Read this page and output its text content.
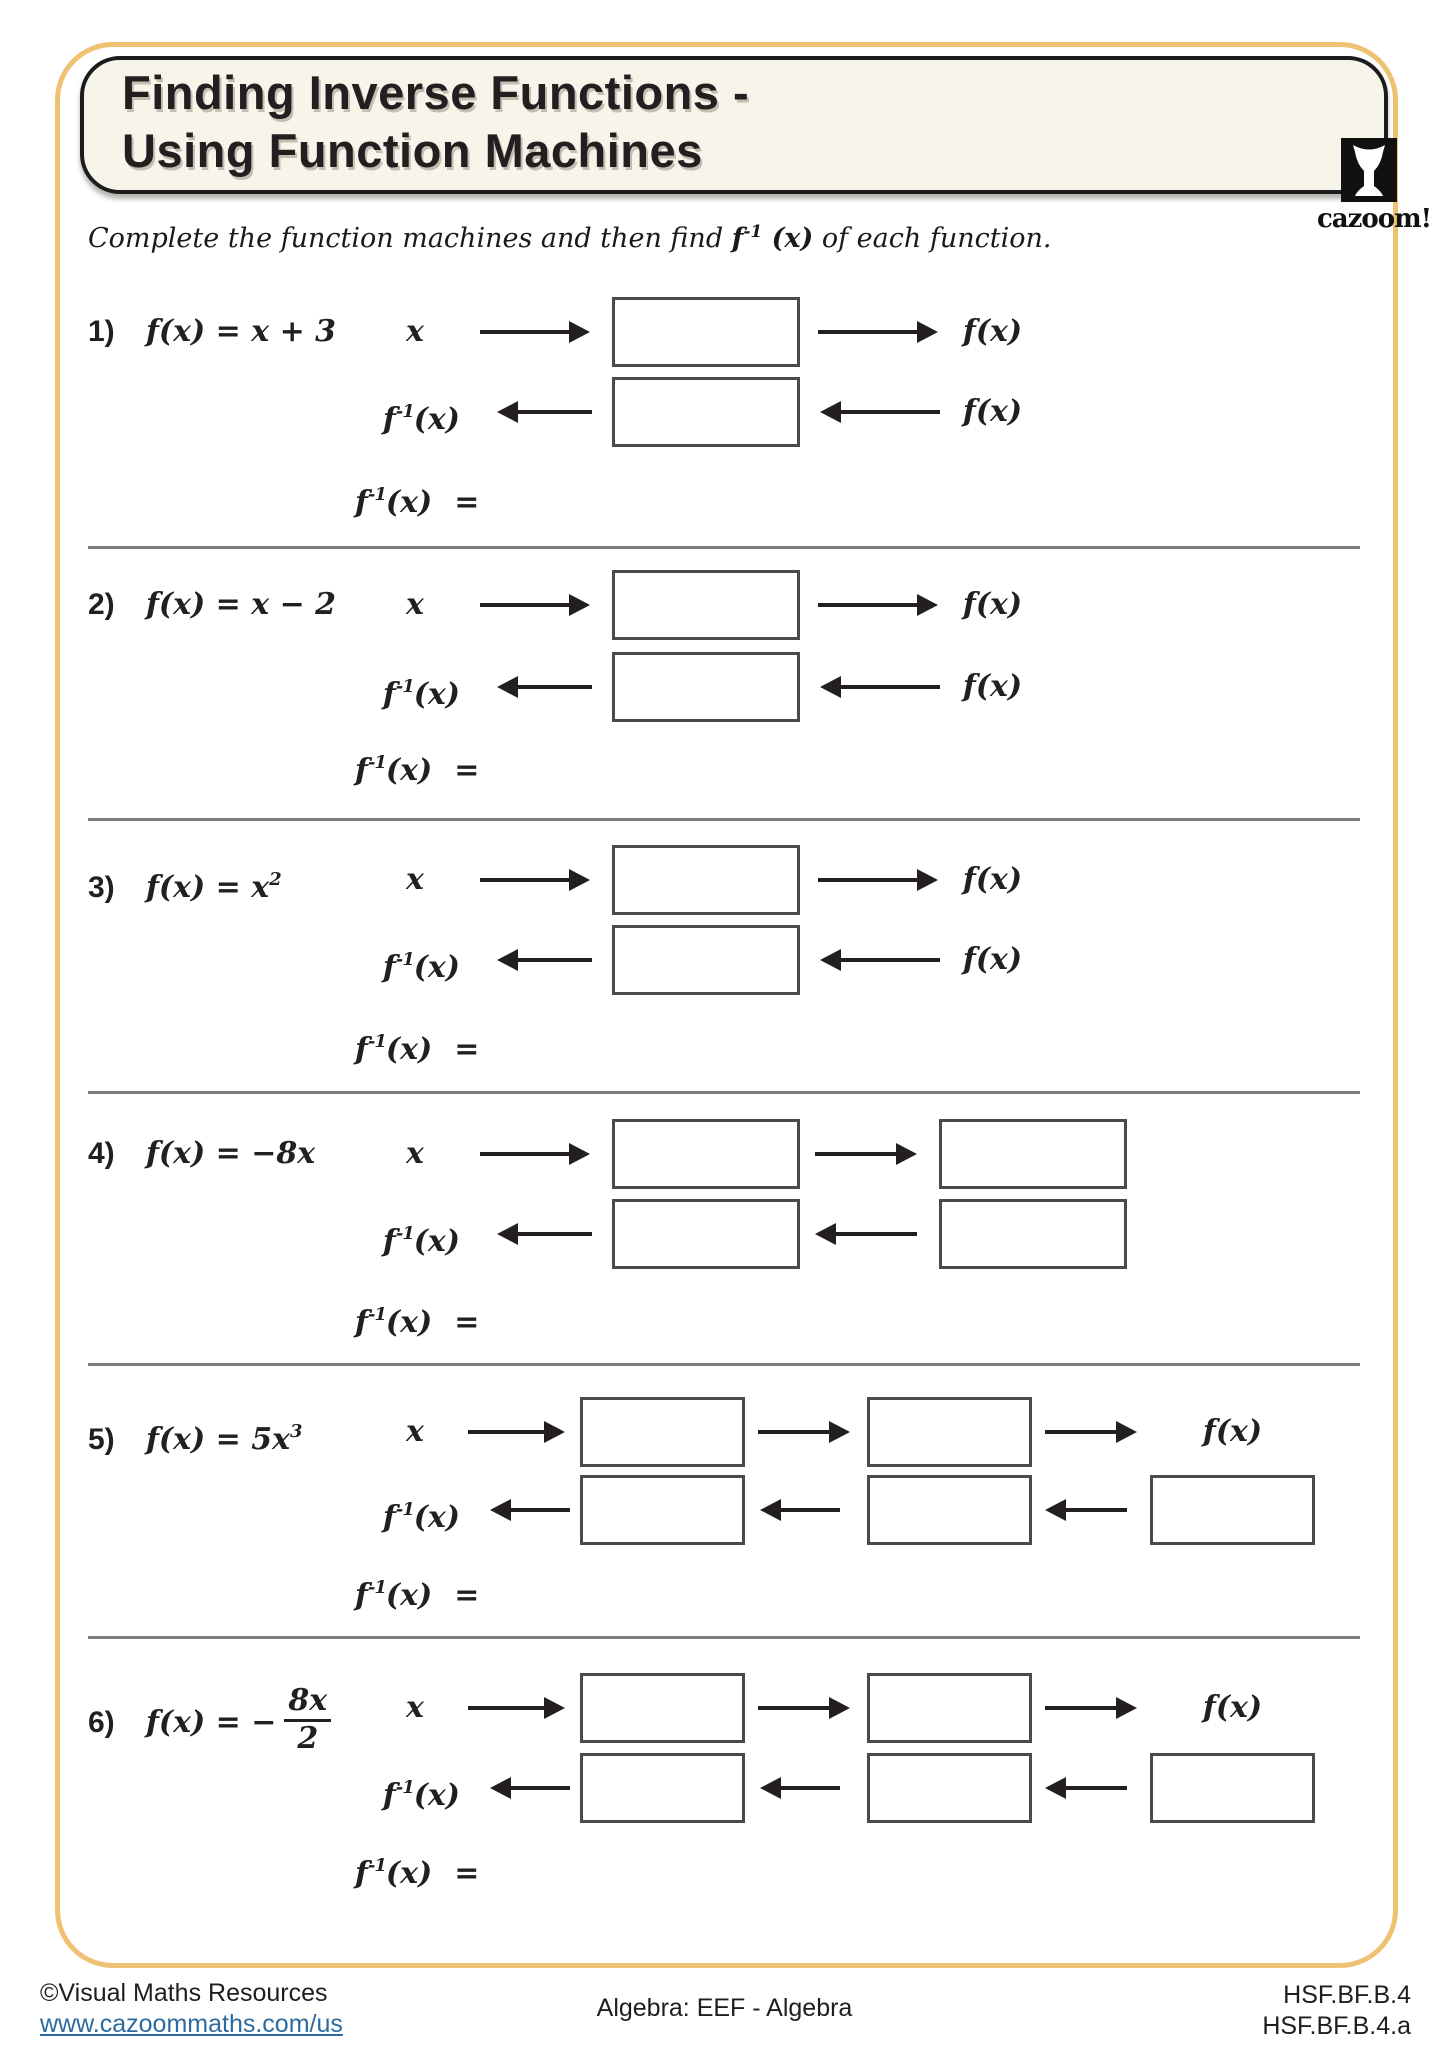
cazoom!
Finding Inverse Functions -
Using Function Machines
Complete the function machines and then find $f^{-1}$ (x) of each function.
1) f(x) = x + 3	x	f(x)
$f^{-1}(x)$	f(x)
$f^{-1}(x)$ =
2) f(x) = x − 2	x	f(x)
$f^{-1}(x)$	f(x)
$f^{-1}(x)$ =
3) $f(x) = x^2$	x	f(x)
$f^{-1}(x)$	f(x)
$f^{-1}(x)$ =
4) f(x) = −8x	x
$f^{-1}(x)$
$f^{-1}(x)$ =
5) $f(x) = 5x^3$	x	f(x)
$f^{-1}(x)$
$f^{-1}(x)$ =
6) f(x) = − $\frac{8x}{2}$	x	f(x)
$f^{-1}(x)$
$f^{-1}(x)$ =
©Visual Maths Resources
www.cazoommaths.com/us
Algebra: EEF - Algebra	HSF.BF.B.4
HSF.BF.B.4.a
